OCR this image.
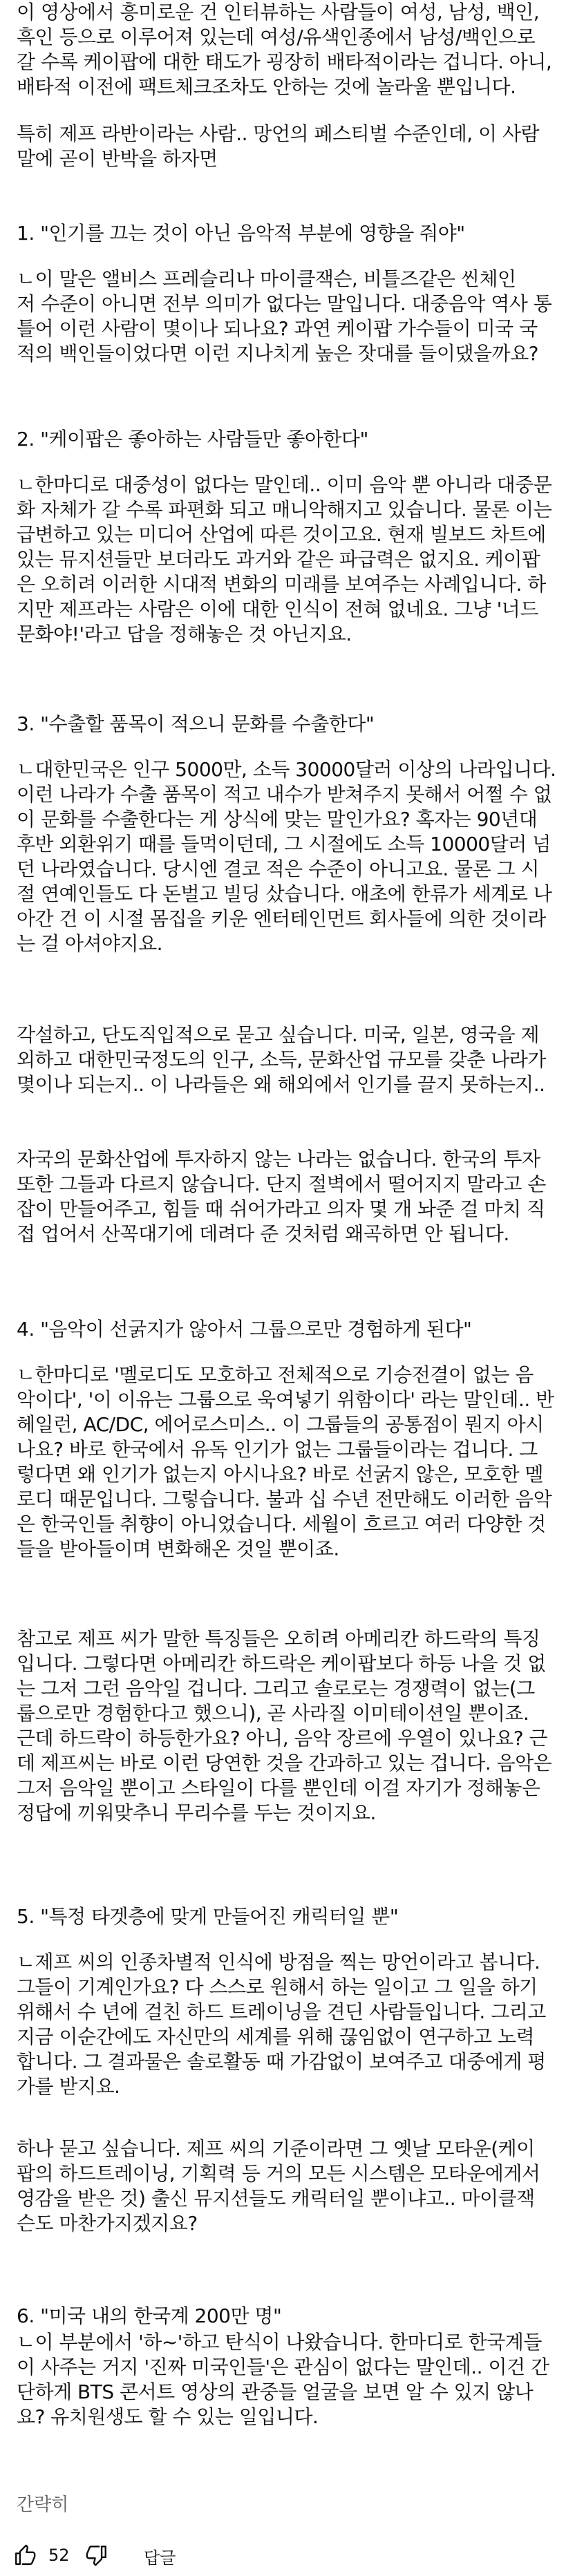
이 영상에서 흥미로운 건 인터뷰하는 사람들이 여성, 남성, 백인,
흑인 등으로 이루어져 있는데 여성/유색인종에서 남성/백인으로
갈 수록 케이팝에 대한 태도가 굉장히 배타적이라는 겁니다. 아니,
배타적 이전에 팩트체크조차도 안하는 것에 놀라울 뿐입니다.

특히 제프 라반이라는 사람.. 망언의 페스티벌 수준인데, 이 사람
말에 곧이 반박을 하자면

1. "인기를 끄는 것이 아닌 음악적 부분에 영향을 줘야"

ㄴ이 말은 앨비스 프레슬리나 마이클잭슨, 비틀즈같은 씬체인
저 수준이 아니면 전부 의미가 없다는 말입니다. 대중음악 역사 통
틀어 이런 사람이 몇이나 되나요? 과연 케이팝 가수들이 미국 국
적의 백인들이었다면 이런 지나치게 높은 잣대를 들이댔을까요?

2. "케이팝은 좋아하는 사람들만 좋아한다"

ㄴ한마디로 대중성이 없다는 말인데.. 이미 음악 뿐 아니라 대중문
화 자체가 갈 수록 파편화 되고 매니악해지고 있습니다. 물론 이는
급변하고 있는 미디어 산업에 따른 것이고요. 현재 빌보드 차트에
있는 뮤지션들만 보더라도 과거와 같은 파급력은 없지요. 케이팝
은 오히려 이러한 시대적 변화의 미래를 보여주는 사례입니다. 하
지만 제프라는 사람은 이에 대한 인식이 전혀 없네요. 그냥 '너드
문화야!'라고 답을 정해놓은 것 아닌지요.

3. "수출할 품목이 적으니 문화를 수출한다"

ㄴ대한민국은 인구 5000만, 소득 30000달러 이상의 나라입니다.
이런 나라가 수출 품목이 적고 내수가 받쳐주지 못해서 어쩔 수 없
이 문화를 수출한다는 게 상식에 맞는 말인가요? 혹자는 90년대
후반 외환위기 때를 들먹이던데, 그 시절에도 소득 10000달러 넘
던 나라였습니다. 당시엔 결코 적은 수준이 아니고요. 물론 그 시
절 연예인들도 다 돈벌고 빌딩 샀습니다. 애초에 한류가 세계로 나
아간 건 이 시절 몸집을 키운 엔터테인먼트 회사들에 의한 것이라
는 걸 아셔야지요.

각설하고, 단도직입적으로 묻고 싶습니다. 미국, 일본, 영국을 제
외하고 대한민국정도의 인구, 소득, 문화산업 규모를 갖춘 나라가
몇이나 되는지.. 이 나라들은 왜 해외에서 인기를 끌지 못하는지..

자국의 문화산업에 투자하지 않는 나라는 없습니다. 한국의 투자
또한 그들과 다르지 않습니다. 단지 절벽에서 떨어지지 말라고 손
잡이 만들어주고, 힘들 때 쉬어가라고 의자 몇 개 놔준 걸 마치 직
접 업어서 산꼭대기에 데려다 준 것처럼 왜곡하면 안 됩니다.

4. "음악이 선굵지가 않아서 그룹으로만 경험하게 된다"

ㄴ한마디로 '멜로디도 모호하고 전체적으로 기승전결이 없는 음
악이다', '이 이유는 그룹으로 욱여넣기 위함이다' 라는 말인데.. 반
헤일런, AC/DC, 에어로스미스.. 이 그룹들의 공통점이 뭔지 아시
나요? 바로 한국에서 유독 인기가 없는 그룹들이라는 겁니다. 그
렇다면 왜 인기가 없는지 아시나요? 바로 선굵지 않은, 모호한 멜
로디 때문입니다. 그렇습니다. 불과 십 수년 전만해도 이러한 음악
은 한국인들 취향이 아니었습니다. 세월이 흐르고 여러 다양한 것
들을 받아들이며 변화해온 것일 뿐이죠.

참고로 제프 씨가 말한 특징들은 오히려 아메리칸 하드락의 특징
입니다. 그렇다면 아메리칸 하드락은 케이팝보다 하등 나을 것 없
는 그저 그런 음악일 겁니다. 그리고 솔로로는 경쟁력이 없는(그
룹으로만 경험한다고 했으니), 곧 사라질 이미테이션일 뿐이죠.
근데 하드락이 하등한가요? 아니, 음악 장르에 우열이 있나요? 근
데 제프씨는 바로 이런 당연한 것을 간과하고 있는 겁니다. 음악은
그저 음악일 뿐이고 스타일이 다를 뿐인데 이걸 자기가 정해놓은
정답에 끼워맞추니 무리수를 두는 것이지요.

5. "특정 타겟층에 맞게 만들어진 캐릭터일 뿐"

ㄴ제프 씨의 인종차별적 인식에 방점을 찍는 망언이라고 봅니다.
그들이 기계인가요? 다 스스로 원해서 하는 일이고 그 일을 하기
위해서 수 년에 걸친 하드 트레이닝을 견딘 사람들입니다. 그리고
지금 이순간에도 자신만의 세계를 위해 끊임없이 연구하고 노력
합니다. 그 결과물은 솔로활동 때 가감없이 보여주고 대중에게 평
가를 받지요.

하나 묻고 싶습니다. 제프 씨의 기준이라면 그 옛날 모타운(케이
팝의 하드트레이닝, 기획력 등 거의 모든 시스템은 모타운에게서
영감을 받은 것) 출신 뮤지션들도 캐릭터일 뿐이냐고.. 마이클잭
슨도 마찬가지겠지요?

6. "미국 내의 한국계 200만 명"

ㄴ이 부분에서 '하~'하고 탄식이 나왔습니다. 한마디로 한국계들
이 사주는 거지 '진짜 미국인들'은 관심이 없다는 말인데.. 이건 간
단하게 BTS 콘서트 영상의 관중들 얼굴을 보면 알 수 있지 않나
요? 유치원생도 할 수 있는 일입니다.

간략히
52	답글
